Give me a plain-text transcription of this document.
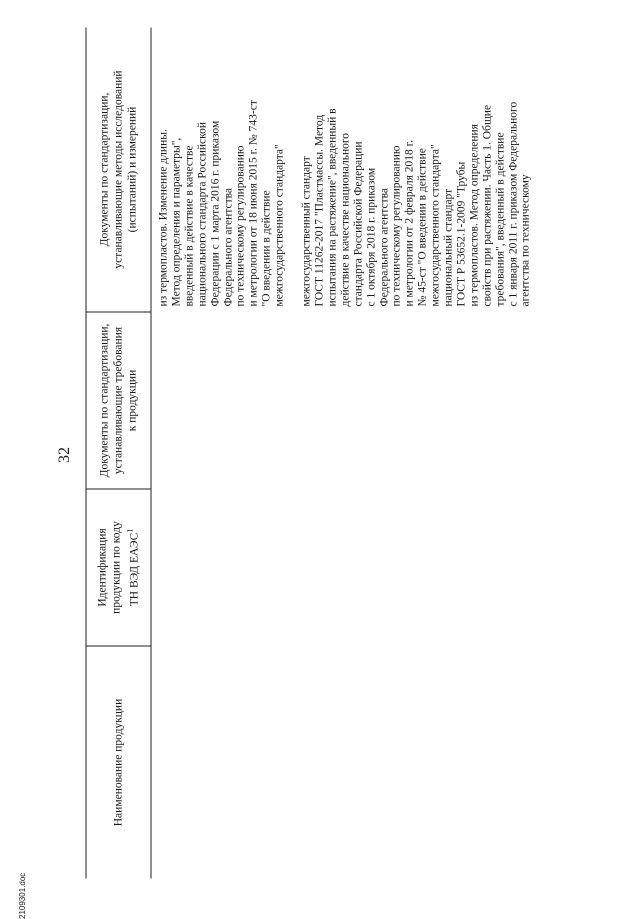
32
2109301.doc
Наименование продукции
Идентификация продукции по коду ТН ВЭД ЕАЭС$^1$
Документы по стандартизации, устанавливающие требования к продукции
Документы по стандартизации, устанавливающие методы исследований (испытаний) и измерений из термопластов. Изменение длины. Метод определения и параметры", введенный в действие в качестве национального стандарта Российской Федерации с 1 марта 2016 г. приказом Федерального агентства по техническому регулированию и метрологии от 18 июня 2015 г. № 743-ст "О введении в действие межгосударственного стандарта" межгосударственный стандарт ГОСТ 11262-2017 "Пластмассы. Метод испытания на растяжение", введенный в действие в качестве национального стандарта Российской Федерации с 1 октября 2018 г. приказом Федерального агентства по техническому регулированию и метрологии от 2 февраля 2018 г. № 45-ст "О введении в действие межгосударственного стандарта" национальный стандарт ГОСТ Р 53652.1-2009 "Трубы из термопластов. Метод определения свойств при растяжении. Часть 1. Общие требования", введенный в действие с 1 января 2011 г. приказом Федерального агентства по техническому
